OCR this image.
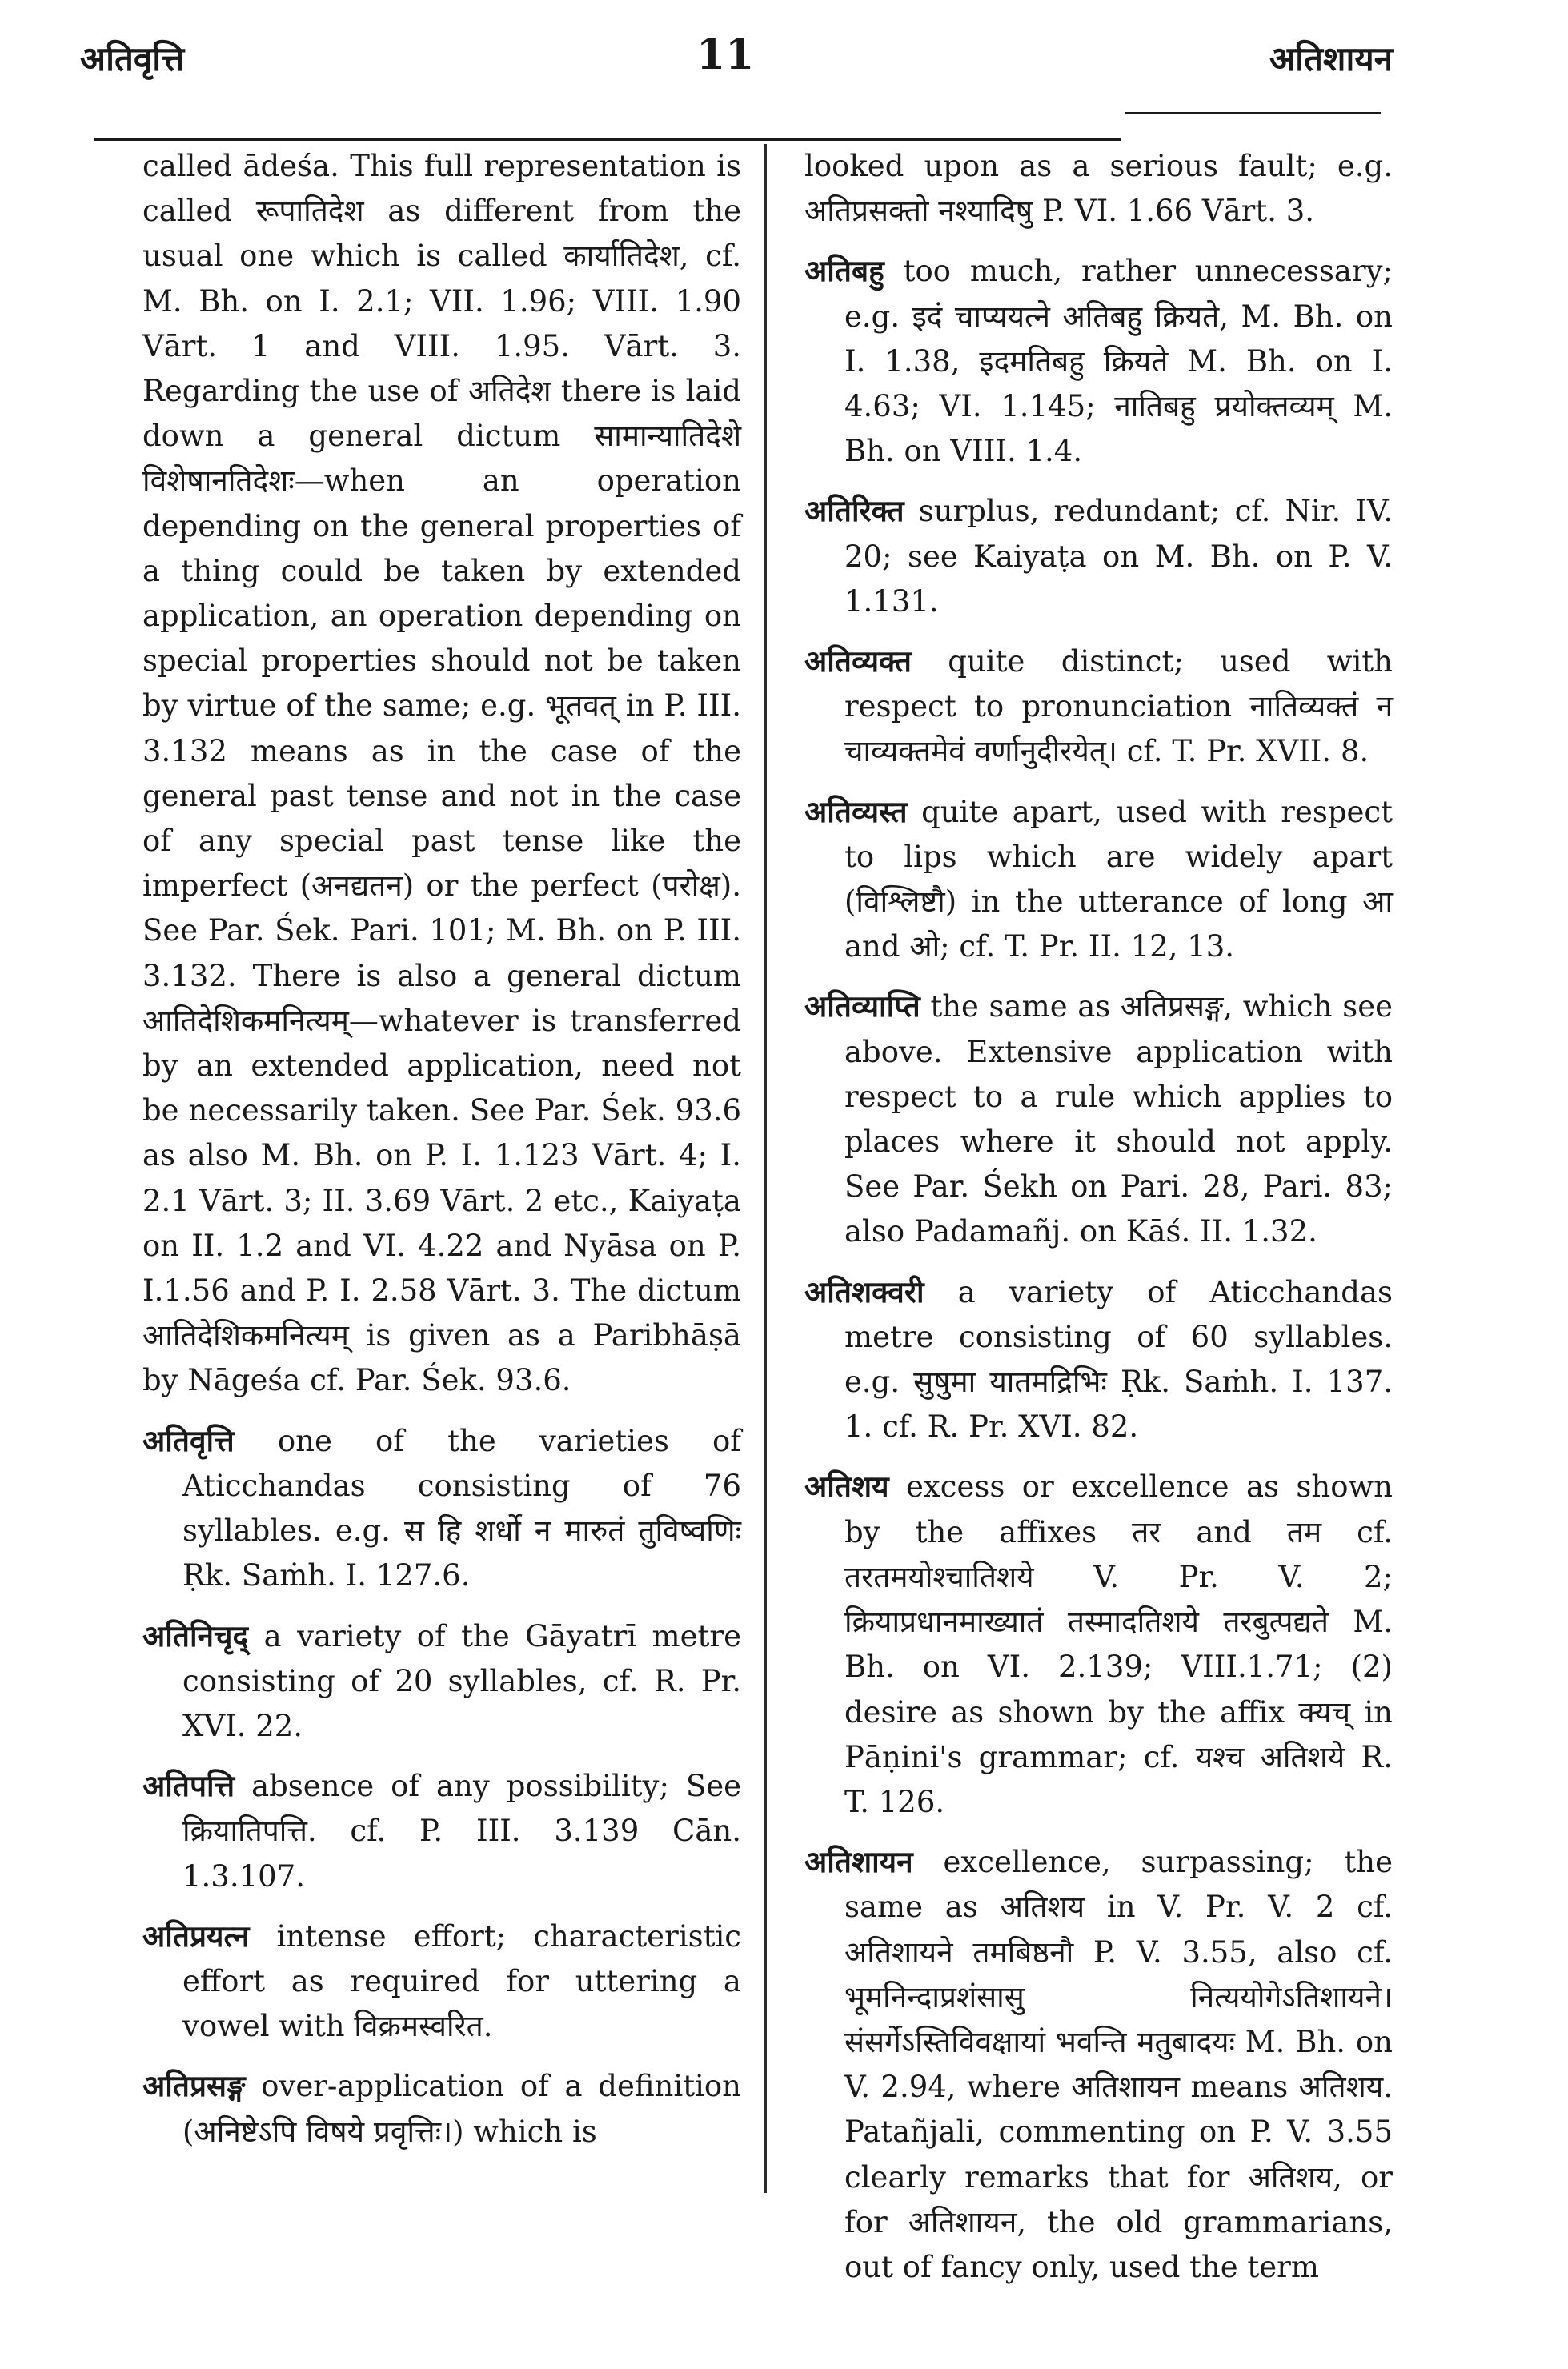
अतिवृत्ति	11	अतिशायन

called ādeśa. This full representation is called रूपातिदेश as different from the usual one which is called कार्यातिदेश, cf. M. Bh. on I. 2.1; VII. 1.96; VIII. 1.90 Vārt. 1 and VIII. 1.95. Vārt. 3. Regarding the use of अतिदेश there is laid down a general dictum सामान्यातिदेशे विशेषानतिदेशः—when an operation depending on the general properties of a thing could be taken by extended application, an operation depending on special properties should not be taken by virtue of the same; e.g. भूतवत् in P. III. 3.132 means as in the case of the general past tense and not in the case of any special past tense like the imperfect (अनद्यतन) or the perfect (परोक्ष). See Par. Śek. Pari. 101; M. Bh. on P. III. 3.132. There is also a general dictum आतिदेशिकमनित्यम्—whatever is transferred by an extended application, need not be necessarily taken. See Par. Śek. 93.6 as also M. Bh. on P. I. 1.123 Vārt. 4; I. 2.1 Vārt. 3; II. 3.69 Vārt. 2 etc., Kaiyaṭa on II. 1.2 and VI. 4.22 and Nyāsa on P. I.1.56 and P. I. 2.58 Vārt. 3. The dictum आतिदेशिकमनित्यम् is given as a Paribhāṣā by Nāgeśa cf. Par. Śek. 93.6.

अतिवृत्ति one of the varieties of Aticchandas consisting of 76 syllables. e.g. स हि शर्धो न मारुतं तुविष्वणिः Ṛk. Saṁh. I. 127.6.

अतिनिचृद् a variety of the Gāyatrī metre consisting of 20 syllables, cf. R. Pr. XVI. 22.

अतिपत्ति absence of any possibility; See क्रियातिपत्ति. cf. P. III. 3.139 Cān. 1.3.107.

अतिप्रयत्न intense effort; characteristic effort as required for uttering a vowel with विक्रमस्वरित.

अतिप्रसङ्ग over-application of a definition (अनिष्टेऽपि विषये प्रवृत्तिः।) which is

looked upon as a serious fault; e.g. अतिप्रसक्तो नश्यादिषु P. VI. 1.66 Vārt. 3.

अतिबहु too much, rather unnecessary; e.g. इदं चाप्ययत्ने अतिबहु क्रियते, M. Bh. on I. 1.38, इदमतिबहु क्रियते M. Bh. on I. 4.63; VI. 1.145; नातिबहु प्रयोक्तव्यम् M. Bh. on VIII. 1.4.

अतिरिक्त surplus, redundant; cf. Nir. IV. 20; see Kaiyaṭa on M. Bh. on P. V. 1.131.

अतिव्यक्त quite distinct; used with respect to pronunciation नातिव्यक्तं न चाव्यक्तमेवं वर्णानुदीरयेत्। cf. T. Pr. XVII. 8.

अतिव्यस्त quite apart, used with respect to lips which are widely apart (विश्लिष्टौ) in the utterance of long आ and ओ; cf. T. Pr. II. 12, 13.

अतिव्याप्ति the same as अतिप्रसङ्ग, which see above. Extensive application with respect to a rule which applies to places where it should not apply. See Par. Śekh on Pari. 28, Pari. 83; also Padamañj. on Kāś. II. 1.32.

अतिशक्वरी a variety of Aticchandas metre consisting of 60 syllables. e.g. सुषुमा यातमद्रिभिः Ṛk. Saṁh. I. 137. 1. cf. R. Pr. XVI. 82.

अतिशय excess or excellence as shown by the affixes तर and तम cf. तरतमयोश्चातिशये V. Pr. V. 2; क्रियाप्रधानमाख्यातं तस्मादतिशये तरबुत्पद्यते M. Bh. on VI. 2.139; VIII.1.71; (2) desire as shown by the affix क्यच् in Pāṇini's grammar; cf. यश्च अतिशये R. T. 126.

अतिशायन excellence, surpassing; the same as अतिशय in V. Pr. V. 2 cf. अतिशायने तमबिष्ठनौ P. V. 3.55, also cf. भूमनिन्दाप्रशंसासु नित्ययोगेऽतिशायने। संसर्गेऽस्तिविवक्षायां भवन्ति मतुबादयः M. Bh. on V. 2.94, where अतिशायन means अतिशय. Patañjali, commenting on P. V. 3.55 clearly remarks that for अतिशय, or for अतिशायन, the old grammarians, out of fancy only, used the term
